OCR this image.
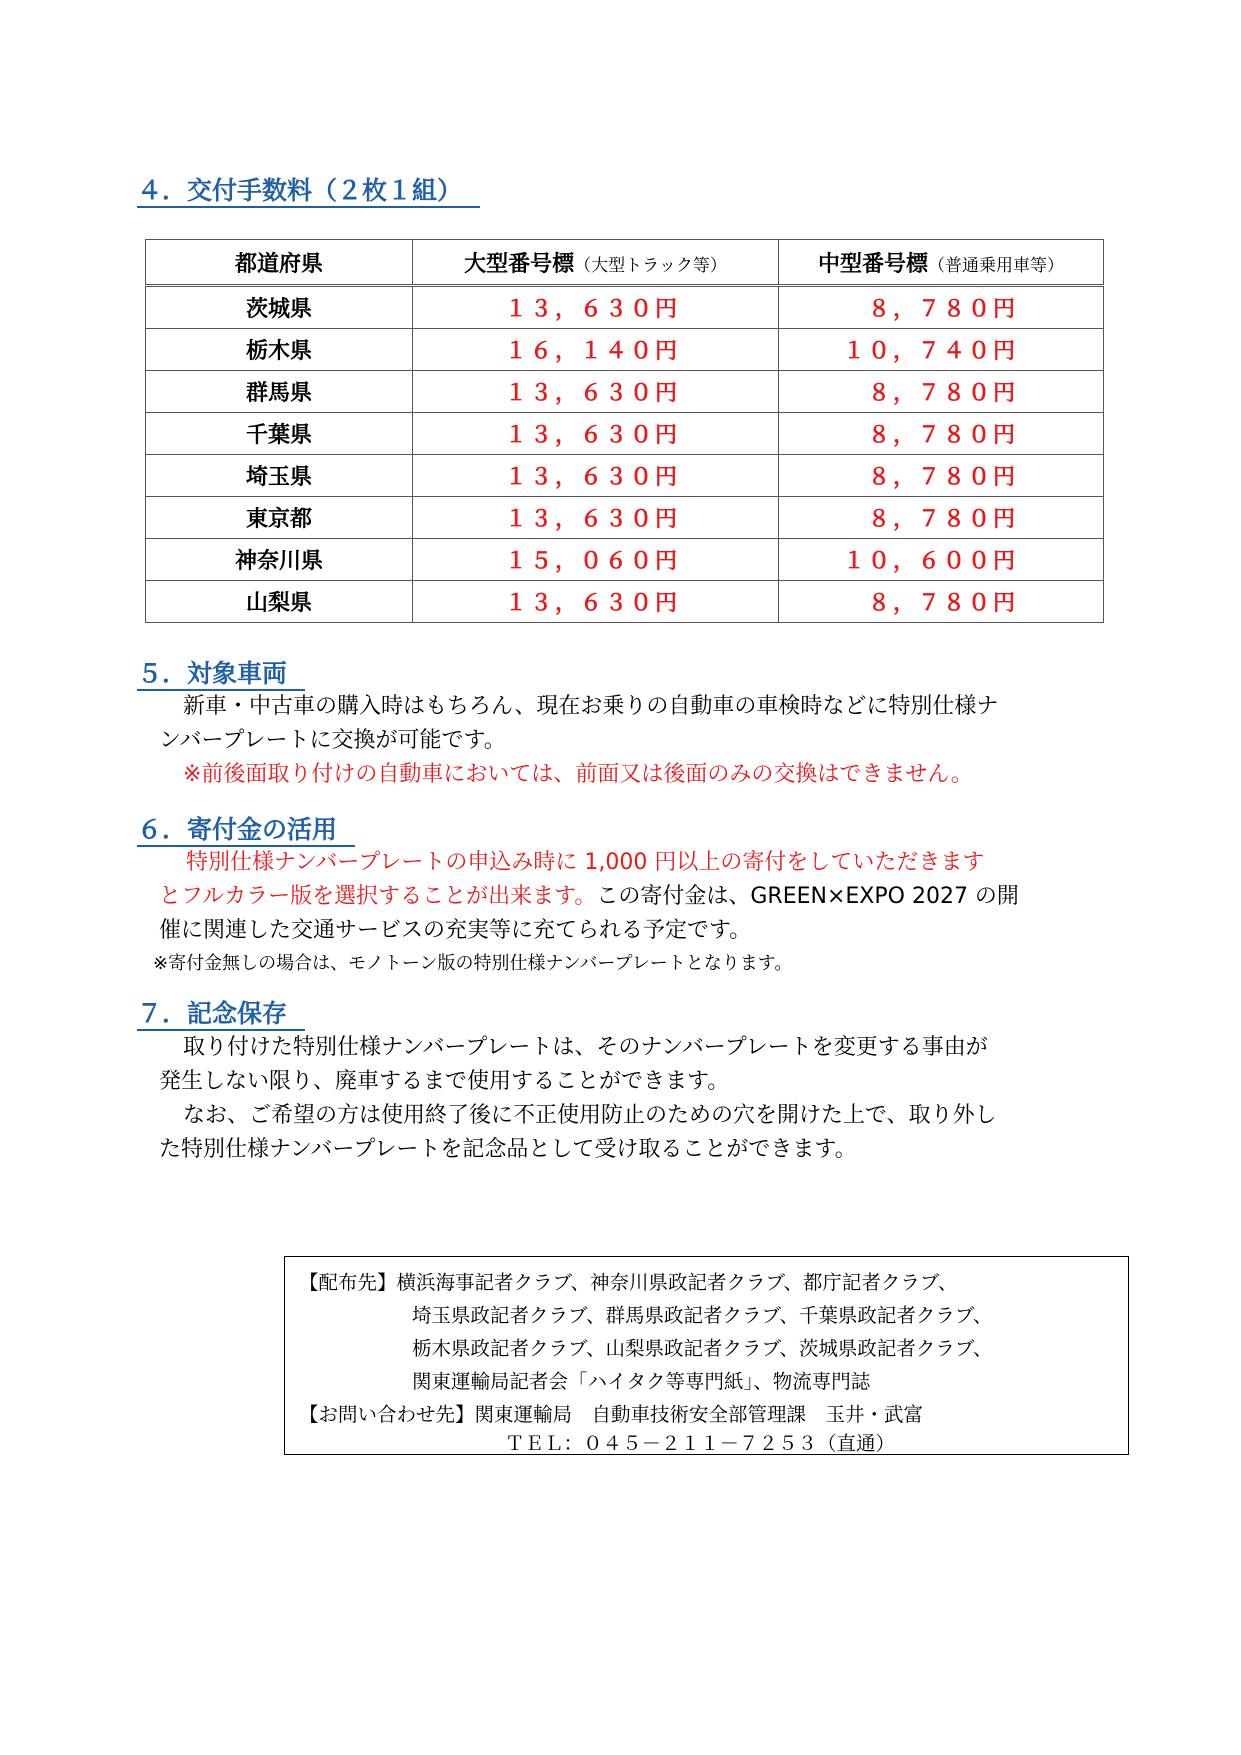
４．交付手数料（２枚１組）
都道府県	大型番号標（大型トラック等）	中型番号標（普通乗用車等）
茨城県	１３，６３０円	８，７８０円
栃木県	１６，１４０円	１０，７４０円
群馬県	１３，６３０円	８，７８０円
千葉県	１３，６３０円	８，７８０円
埼玉県	１３，６３０円	８，７８０円
東京都	１３，６３０円	８，７８０円
神奈川県	１５，０６０円	１０，６００円
山梨県	１３，６３０円	８，７８０円
５．対象車両
新車・中古車の購入時はもちろん、現在お乗りの自動車の車検時などに特別仕様ナ
ンバープレートに交換が可能です。
※前後面取り付けの自動車においては、前面又は後面のみの交換はできません。
６．寄付金の活用
特別仕様ナンバープレートの申込み時に 1,000 円以上の寄付をしていただきます
とフルカラー版を選択することが出来ます。この寄付金は、GREEN×EXPO 2027 の開
催に関連した交通サービスの充実等に充てられる予定です。
※寄付金無しの場合は、モノトーン版の特別仕様ナンバープレートとなります。
７．記念保存
取り付けた特別仕様ナンバープレートは、そのナンバープレートを変更する事由が
発生しない限り、廃車するまで使用することができます。
なお、ご希望の方は使用終了後に不正使用防止のための穴を開けた上で、取り外し
た特別仕様ナンバープレートを記念品として受け取ることができます。
【配布先】横浜海事記者クラブ、神奈川県政記者クラブ、都庁記者クラブ、
埼玉県政記者クラブ、群馬県政記者クラブ、千葉県政記者クラブ、
栃木県政記者クラブ、山梨県政記者クラブ、茨城県政記者クラブ、
関東運輸局記者会「ハイタク等専門紙」、物流専門誌
【お問い合わせ先】関東運輸局　自動車技術安全部管理課　玉井・武富
ＴＥＬ：０４５－２１１－７２５３（直通）
